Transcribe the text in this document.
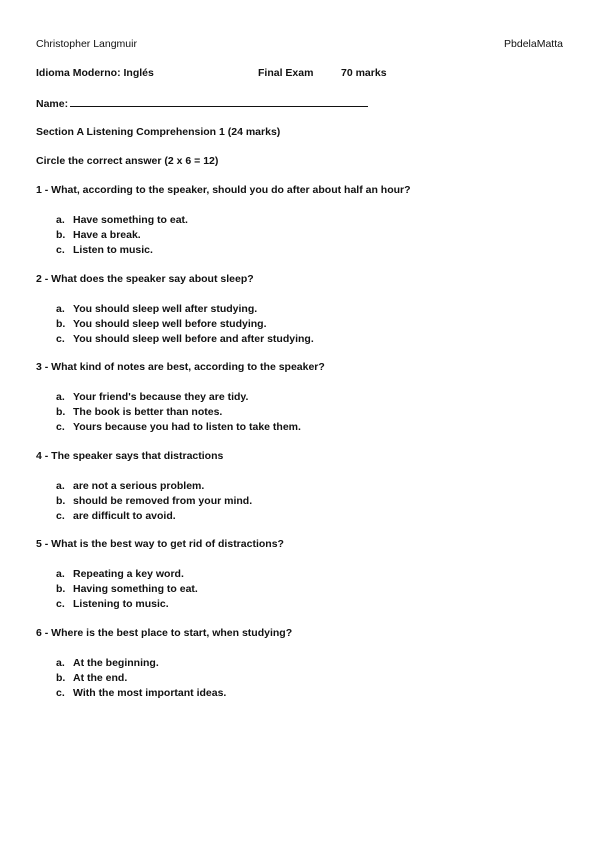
Christopher Langmuir	PbdelaMatta
Idioma Moderno: Inglés	Final Exam	70 marks
Name:
Section A Listening Comprehension 1 (24 marks)
Circle the correct answer (2 x 6 = 12)
1 - What, according to the speaker, should you do after about half an hour?
a. Have something to eat.
b. Have a break.
c. Listen to music.
2 - What does the speaker say about sleep?
a. You should sleep well after studying.
b. You should sleep well before studying.
c. You should sleep well before and after studying.
3 - What kind of notes are best, according to the speaker?
a. Your friend's because they are tidy.
b. The book is better than notes.
c. Yours because you had to listen to take them.
4 - The speaker says that distractions
a. are not a serious problem.
b. should be removed from your mind.
c. are difficult to avoid.
5 - What is the best way to get rid of distractions?
a. Repeating a key word.
b. Having something to eat.
c. Listening to music.
6 - Where is the best place to start, when studying?
a. At the beginning.
b. At the end.
c. With the most important ideas.
